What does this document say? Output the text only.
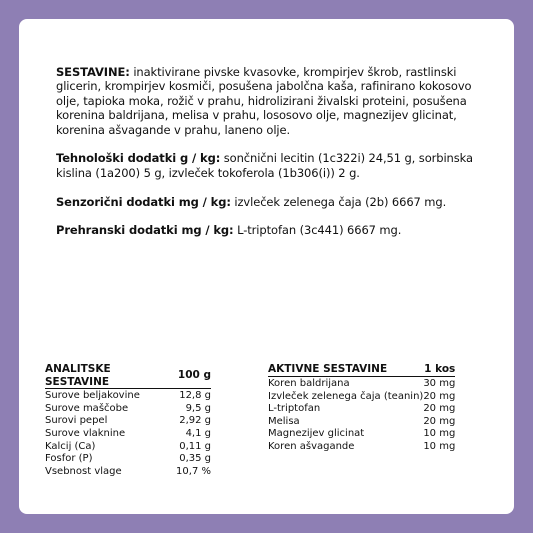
SESTAVINE: inaktivirane pivske kvasovke, krompirjev škrob, rastlinski glicerin, krompirjev kosmiči, posušena jabolčna kaša, rafinirano kokosovo olje, tapioka moka, rožič v prahu, hidrolizirani živalski proteini, posušena korenina baldrijana, melisa v prahu, lososovo olje, magnezijev glicinat, korenina ašvagande v prahu, laneno olje.

Tehnološki dodatki g / kg: sončnični lecitin (1c322i) 24,51 g, sorbinska kislina (1a200) 5 g, izvleček tokoferola (1b306(i)) 2 g.

Senzorični dodatki mg / kg: izvleček zelenega čaja (2b) 6667 mg.

Prehranski dodatki mg / kg: L-triptofan (3c441) 6667 mg.

ANALITSKE SESTAVINE	100 g
Surove beljakovine	12,8 g
Surove maščobe	9,5 g
Surovi pepel	2,92 g
Surove vlaknine	4,1 g
Kalcij (Ca)	0,11 g
Fosfor (P)	0,35 g
Vsebnost vlage	10,7 %
AKTIVNE SESTAVINE	1 kos
Koren baldrijana	30 mg
Izvleček zelenega čaja (teanin)	20 mg
L-triptofan	20 mg
Melisa	20 mg
Magnezijev glicinat	10 mg
Koren ašvagande	10 mg
